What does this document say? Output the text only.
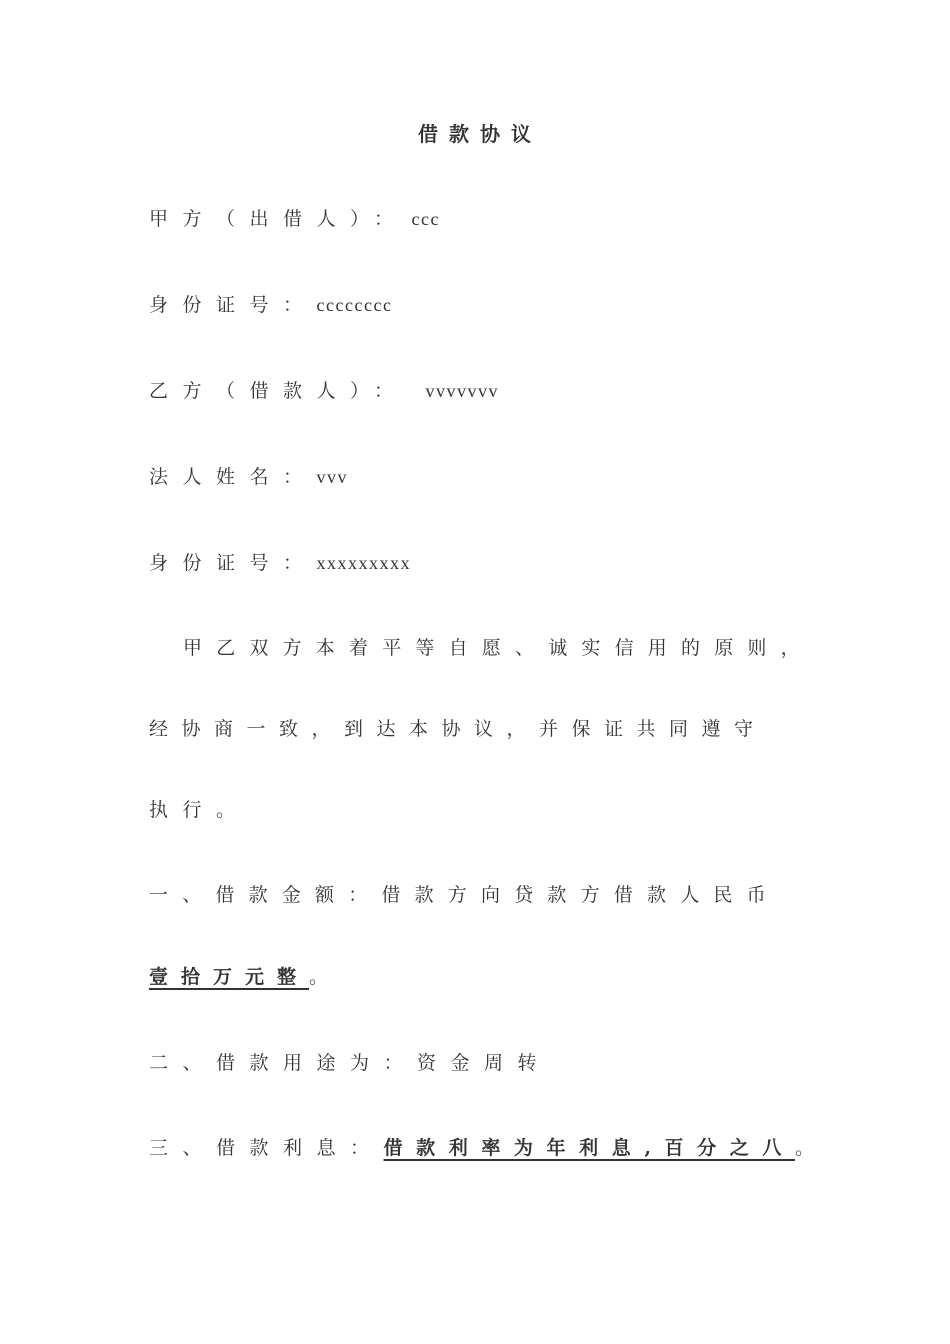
借款协议
甲方（出借人）： ccc
身份证号：cccccccc
乙方（借款人）： vvvvvvv
法人姓名：vvv
身份证号：xxxxxxxxx
甲乙双方本着平等自愿、诚实信用的原则，
经协商一致，到达本协议，并保证共同遵守
执行。
一、借款金额：借款方向贷款方借款人民币
壹拾万元整。
二、借款用途为：资金周转
三、借款利息：借款利率为年利息,百分之八。
